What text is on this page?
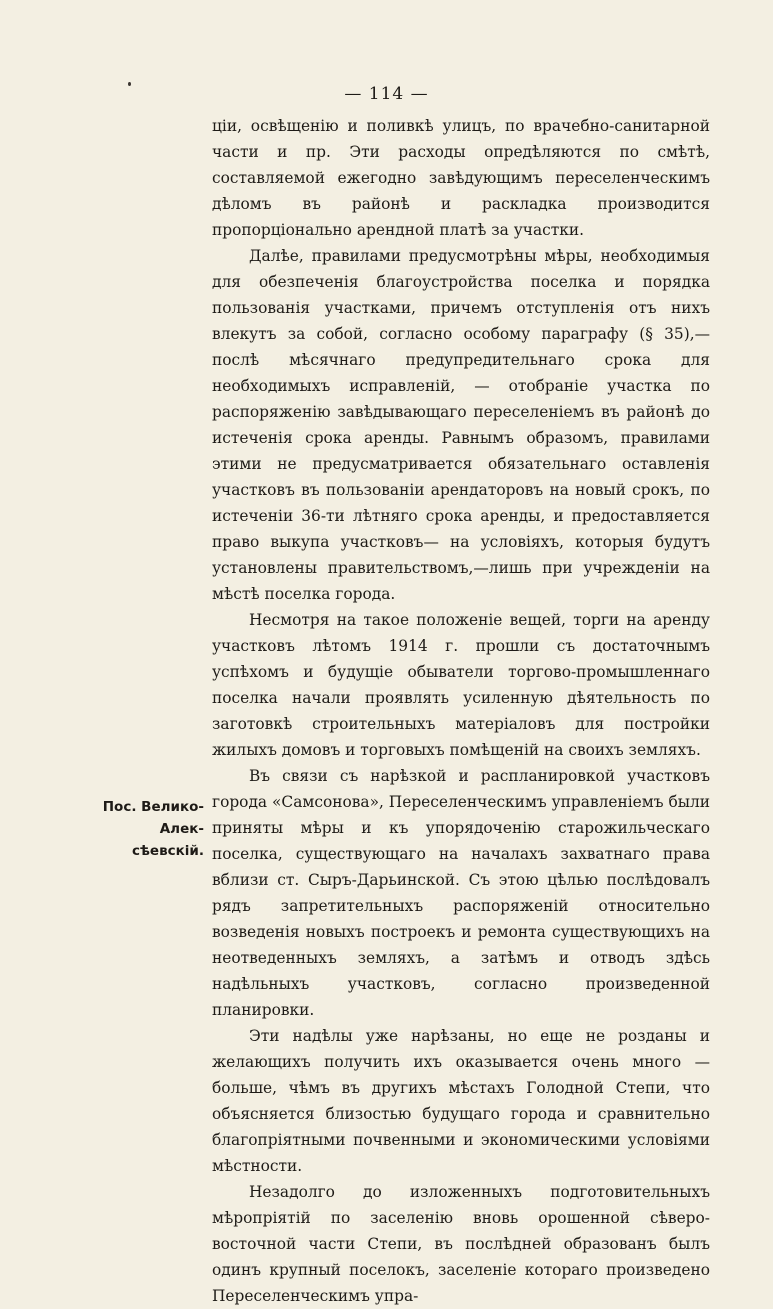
— 114 —
Пос. Велико-Алек-
сѣевскій.

ціи, освѣщенію и поливкѣ улицъ, по врачебно-санитарной части и пр. Эти расходы опредѣляются по смѣтѣ, составляемой ежегодно завѣдующимъ переселенческимъ дѣломъ въ районѣ и раскладка производится пропорціонально арендной платѣ за участки.

Далѣе, правилами предусмотрѣны мѣры, необходимыя для обезпеченія благоустройства поселка и порядка пользованія участками, причемъ отступленія отъ нихъ влекутъ за собой, согласно особому параграфу (§ 35),—послѣ мѣсячнаго предупредительнаго срока для необходимыхъ исправленій, — отобраніе участка по распоряженію завѣдывающаго переселеніемъ въ районѣ до истеченія срока аренды. Равнымъ образомъ, правилами этими не предусматривается обязательнаго оставленія участковъ въ пользованіи арендаторовъ на новый срокъ, по истеченіи 36-ти лѣтняго срока аренды, и предоставляется право выкупа участковъ— на условіяхъ, которыя будутъ установлены правительствомъ,—лишь при учрежденіи на мѣстѣ поселка города.

Несмотря на такое положеніе вещей, торги на аренду участковъ лѣтомъ 1914 г. прошли съ достаточнымъ успѣхомъ и будущіе обыватели торгово-промышленнаго поселка начали проявлять усиленную дѣятельность по заготовкѣ строительныхъ матеріаловъ для постройки жилыхъ домовъ и торговыхъ помѣщеній на своихъ земляхъ.

Въ связи съ нарѣзкой и распланировкой участковъ города «Самсонова», Переселенческимъ управленіемъ были приняты мѣры и къ упорядоченію старожильческаго поселка, существующаго на началахъ захватнаго права вблизи ст. Сыръ-Дарьинской. Съ этою цѣлью послѣдовалъ рядъ запретительныхъ распоряженій относительно возведенія новыхъ построекъ и ремонта существующихъ на неотведенныхъ земляхъ, а затѣмъ и отводъ здѣсь надѣльныхъ участковъ, согласно произведенной планировки.

Эти надѣлы уже нарѣзаны, но еще не розданы и желающихъ получить ихъ оказывается очень много — больше, чѣмъ въ другихъ мѣстахъ Голодной Степи, что объясняется близостью будущаго города и сравнительно благопріятными почвенными и экономическими условіями мѣстности.

Незадолго до изложенныхъ подготовительныхъ мѣропріятій по заселенію вновь орошенной сѣверо-восточной части Степи, въ послѣдней образованъ былъ одинъ крупный поселокъ, заселеніе котораго произведено Переселенческимъ упра-
